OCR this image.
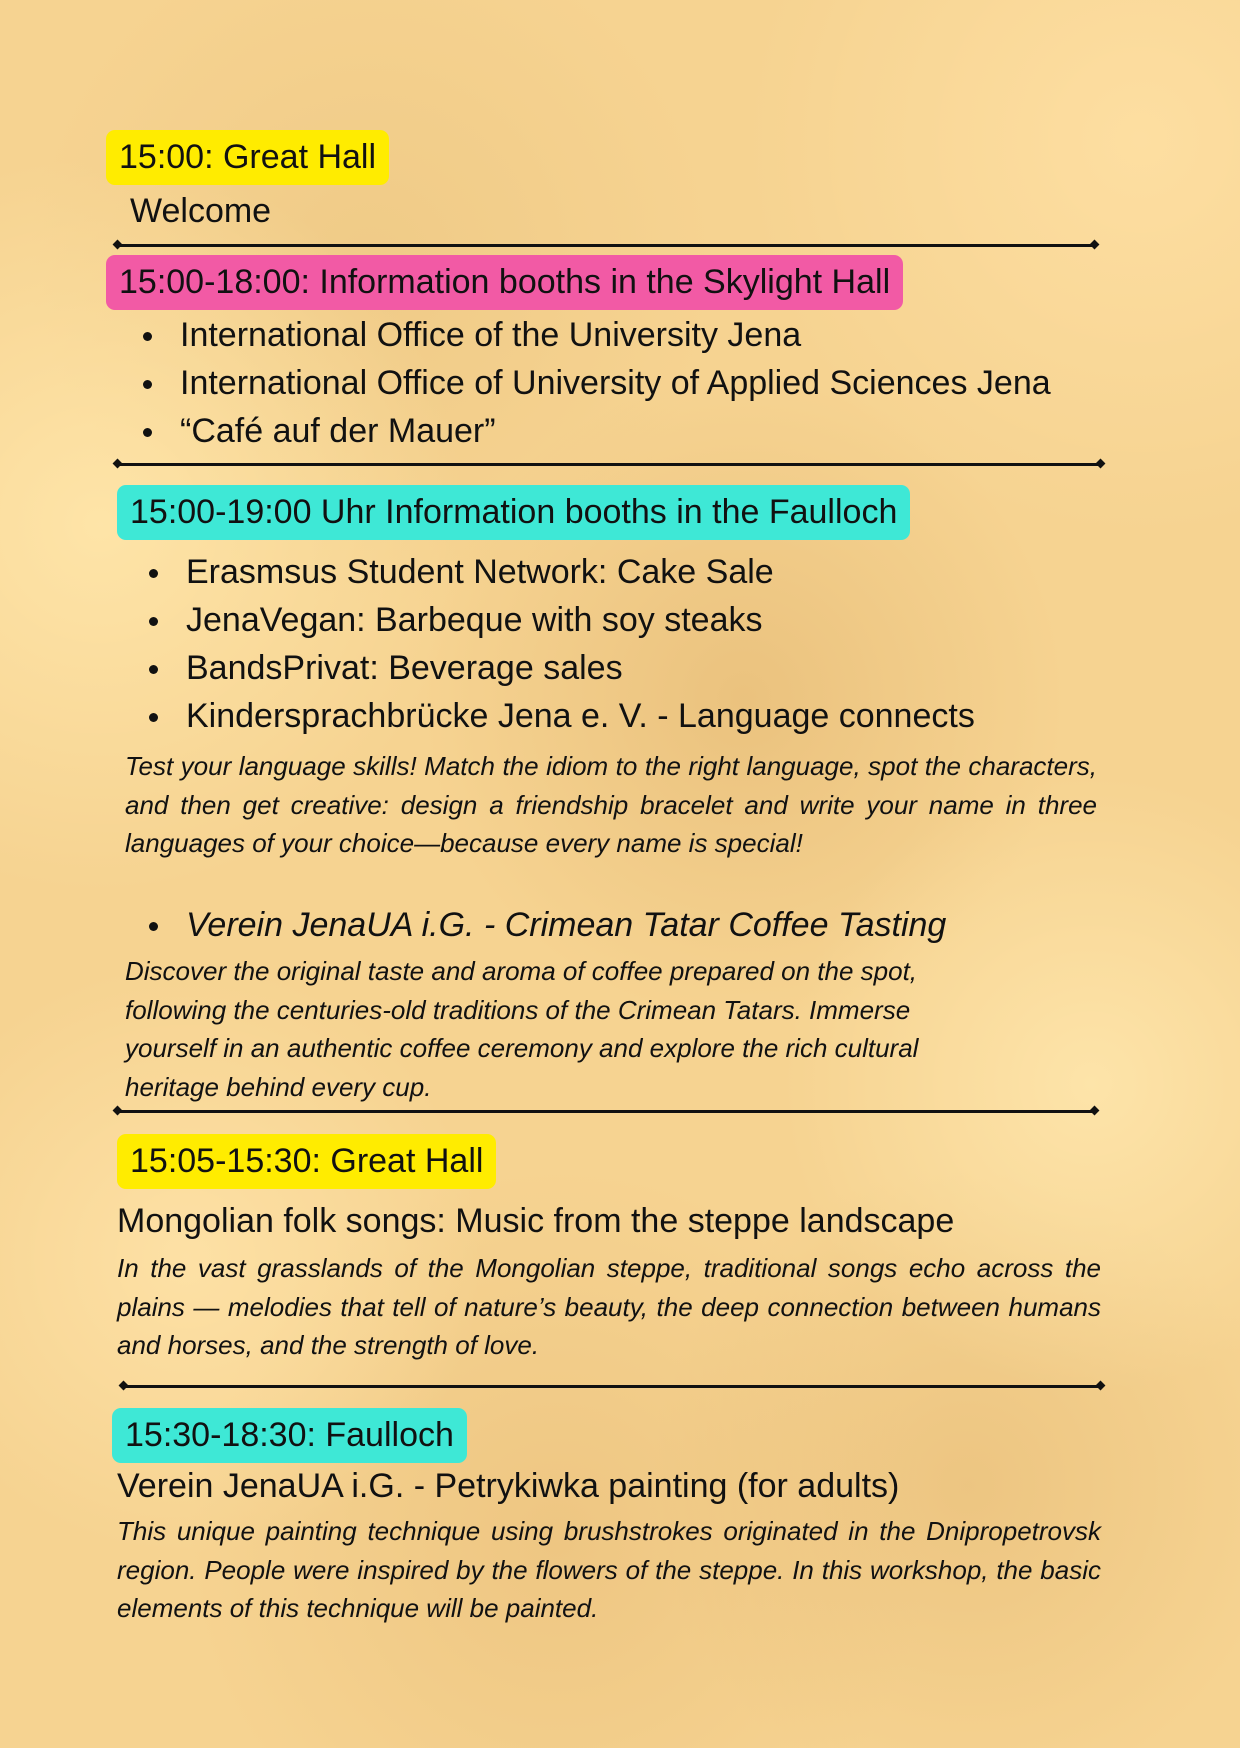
15:00: Great Hall
Welcome
15:00-18:00: Information booths in the Skylight Hall
International Office of the University Jena
International Office of University of Applied Sciences Jena
“Café auf der Mauer”
15:00-19:00 Uhr Information booths in the Faulloch
Erasmsus Student Network: Cake Sale
JenaVegan: Barbeque with soy steaks
BandsPrivat: Beverage sales
Kindersprachbrücke Jena e. V. - Language connects
Test your language skills! Match the idiom to the right language, spot the characters, and then get creative: design a friendship bracelet and write your name in three languages of your choice—because every name is special!
Verein JenaUA i.G. - Crimean Tatar Coffee Tasting
Discover the original taste and aroma of coffee prepared on the spot,
following the centuries-old traditions of the Crimean Tatars. Immerse
yourself in an authentic coffee ceremony and explore the rich cultural
heritage behind every cup.
15:05-15:30: Great Hall
Mongolian folk songs: Music from the steppe landscape
In the vast grasslands of the Mongolian steppe, traditional songs echo across the plains — melodies that tell of nature’s beauty, the deep connection between humans and horses, and the strength of love.
15:30-18:30: Faulloch
Verein JenaUA i.G. - Petrykiwka painting (for adults)
This unique painting technique using brushstrokes originated in the Dnipropetrovsk region. People were inspired by the flowers of the steppe. In this workshop, the basic elements of this technique will be painted.
